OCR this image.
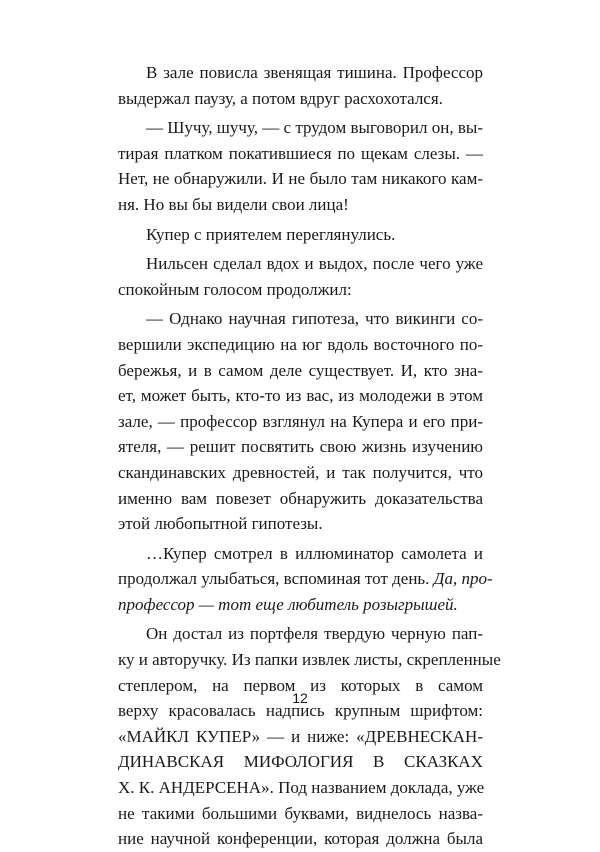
В зале повисла звенящая тишина. Профессор
выдержал паузу, а потом вдруг расхохотался.

— Шучу, шучу, — с трудом выговорил он, вы-
тирая платком покатившиеся по щекам слезы. —
Нет, не обнаружили. И не было там никакого кам-
ня. Но вы бы видели свои лица!

Купер с приятелем переглянулись.

Нильсен сделал вдох и выдох, после чего уже
спокойным голосом продолжил:

— Однако научная гипотеза, что викинги со-
вершили экспедицию на юг вдоль восточного по-
бережья, и в самом деле существует. И, кто зна-
ет, может быть, кто-то из вас, из молодежи в этом
зале, — профессор взглянул на Купера и его при-
ятеля, — решит посвятить свою жизнь изучению
скандинавских древностей, и так получится, что
именно вам повезет обнаружить доказательства
этой любопытной гипотезы.

…Купер смотрел в иллюминатор самолета и
продолжал улыбаться, вспоминая тот день. Да, про-
профессор — тот еще любитель розыгрышей.

Он достал из портфеля твердую черную пап-
ку и авторучку. Из папки извлек листы, скрепленные
степлером, на первом из которых в самом
верху красовалась надпись крупным шрифтом:
«МАЙКЛ КУПЕР» — и ниже: «ДРЕВНЕСКАН-
ДИНАВСКАЯ МИФОЛОГИЯ В СКАЗКАХ
Х. К. АНДЕРСЕНА». Под названием доклада, уже
не такими большими буквами, виднелось назва-
ние научной конференции, которая должна была

12
